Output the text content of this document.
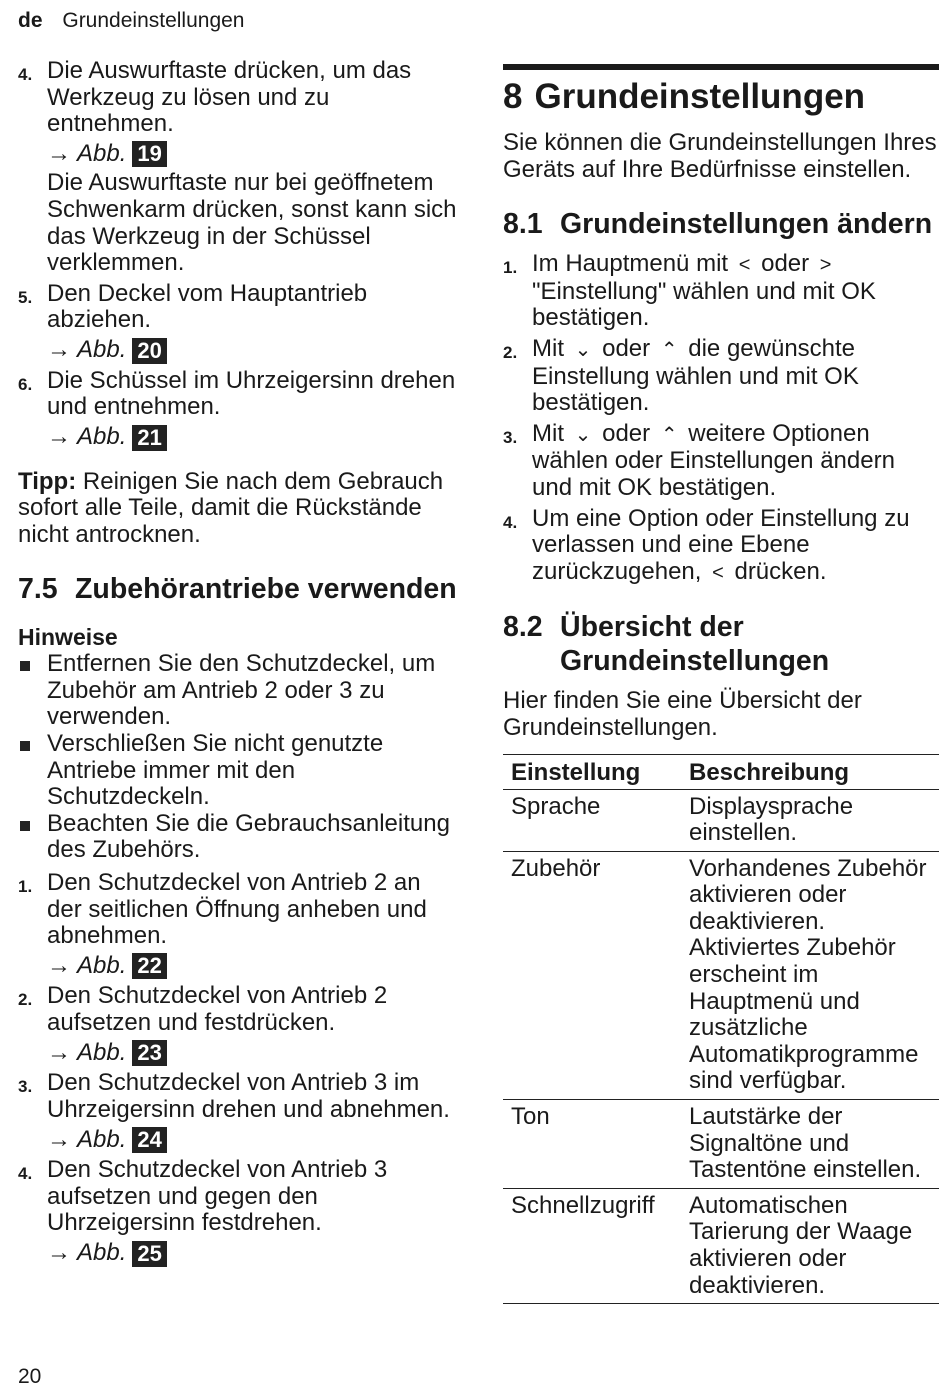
de Grundeinstellungen
4. Die Auswurftaste drücken, um das Werkzeug zu lösen und zu entnehmen.
→ Abb. 19
Die Auswurftaste nur bei geöffnetem Schwenkarm drücken, sonst kann sich das Werkzeug in der Schüssel verklemmen.
5. Den Deckel vom Hauptantrieb abziehen.
→ Abb. 20
6. Die Schüssel im Uhrzeigersinn drehen und entnehmen.
→ Abb. 21
Tipp: Reinigen Sie nach dem Gebrauch sofort alle Teile, damit die Rückstände nicht antrocknen.
7.5 Zubehörantriebe verwenden
Hinweise
Entfernen Sie den Schutzdeckel, um Zubehör am Antrieb 2 oder 3 zu verwenden.
Verschließen Sie nicht genutzte Antriebe immer mit den Schutzdeckeln.
Beachten Sie die Gebrauchsanleitung des Zubehörs.
1. Den Schutzdeckel von Antrieb 2 an der seitlichen Öffnung anheben und abnehmen.
→ Abb. 22
2. Den Schutzdeckel von Antrieb 2 aufsetzen und festdrücken.
→ Abb. 23
3. Den Schutzdeckel von Antrieb 3 im Uhrzeigersinn drehen und abnehmen.
→ Abb. 24
4. Den Schutzdeckel von Antrieb 3 aufsetzen und gegen den Uhrzeigersinn festdrehen.
→ Abb. 25
8 Grundeinstellungen
Sie können die Grundeinstellungen Ihres Geräts auf Ihre Bedürfnisse einstellen.
8.1 Grundeinstellungen ändern
1. Im Hauptmenü mit < oder >"Einstellung" wählen und mit OK bestätigen.
2. Mit ⌄ oder ⌃ die gewünschte Einstellung wählen und mit OK bestätigen.
3. Mit ⌄ oder ⌃ weitere Optionen wählen oder Einstellungen ändern und mit OK bestätigen.
4. Um eine Option oder Einstellung zu verlassen und eine Ebene zurückzugehen, < drücken.
8.2 Übersicht der Grundeinstellungen
Hier finden Sie eine Übersicht der Grundeinstellungen.
Einstellung	Beschreibung
Sprache	Displaysprache einstellen.
Zubehör	Vorhandenes Zubehör aktivieren oder deaktivieren. Aktiviertes Zubehör erscheint im Hauptmenü und zusätzliche Automatikprogramme sind verfügbar.
Ton	Lautstärke der Signaltöne und Tastentöne einstellen.
Schnellzugriff	Automatischen Tarierung der Waage aktivieren oder deaktivieren.
20
